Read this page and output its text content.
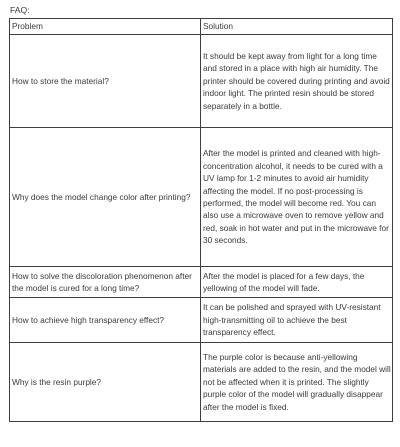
FAQ:
Problem	Solution
How to store the material?	It should be kept away from light for a long time and stored in a place with high air humidity. The printer should be covered during printing and avoid indoor light. The printed resin should be stored separately in a bottle.
Why does the model change color after printing?	After the model is printed and cleaned with high-concentration alcohol, it needs to be cured with a UV lamp for 1-2 minutes to avoid air humidity affecting the model. If no post-processing is performed, the model will become red. You can also use a microwave oven to remove yellow and red, soak in hot water and put in the microwave for 30 seconds.
How to solve the discoloration phenomenon after the model is cured for a long time?	After the model is placed for a few days, the yellowing of the model will fade.
How to achieve high transparency effect?	It can be polished and sprayed with UV-resistant high-transmitting oil to achieve the best transparency effect.
Why is the resin purple?	The purple color is because anti-yellowing materials are added to the resin, and the model will not be affected when it is printed. The slightly purple color of the model will gradually disappear after the model is fixed.
